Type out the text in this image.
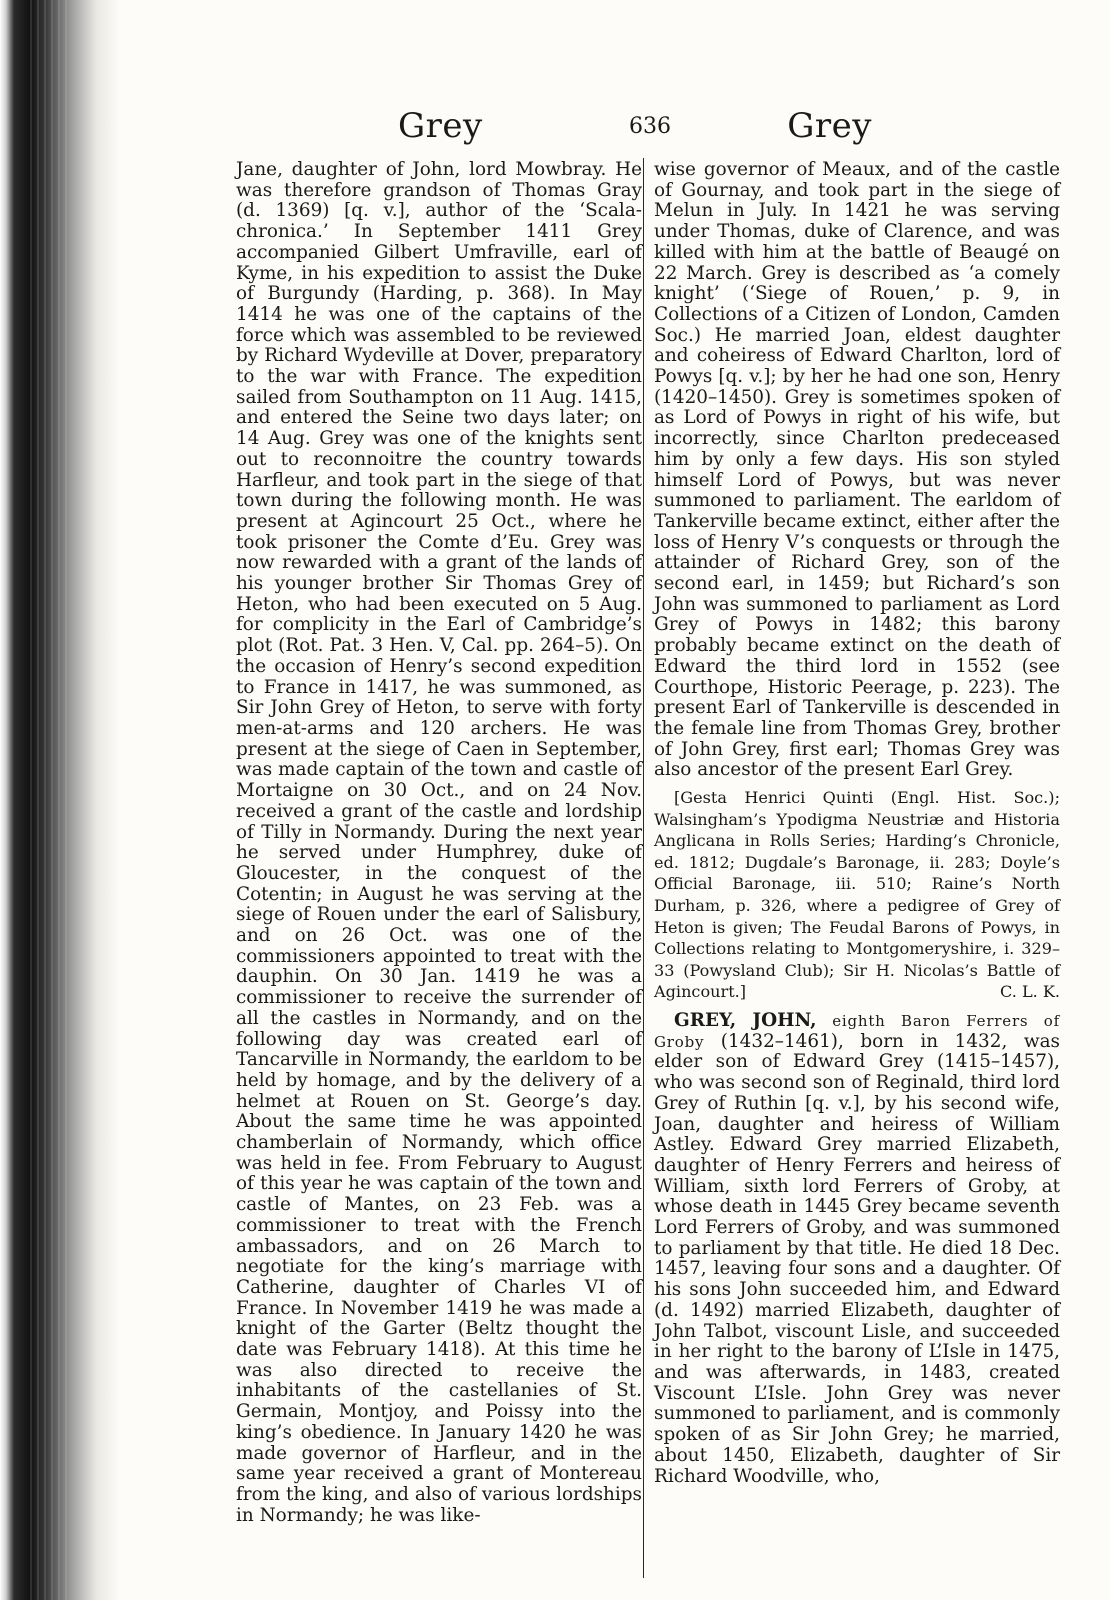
Grey	636	Grey

Jane, daughter of John, lord Mowbray. He was therefore grandson of Thomas Gray (d. 1369) [q. v.], author of the ‘Scala-chronica.’ In September 1411 Grey accompanied Gilbert Umfraville, earl of Kyme, in his expedition to assist the Duke of Burgundy (Harding, p. 368). In May 1414 he was one of the captains of the force which was assembled to be reviewed by Richard Wydeville at Dover, preparatory to the war with France. The expedition sailed from Southampton on 11 Aug. 1415, and entered the Seine two days later; on 14 Aug. Grey was one of the knights sent out to reconnoitre the country towards Harfleur, and took part in the siege of that town during the following month. He was present at Agincourt 25 Oct., where he took prisoner the Comte d’Eu. Grey was now rewarded with a grant of the lands of his younger brother Sir Thomas Grey of Heton, who had been executed on 5 Aug. for complicity in the Earl of Cambridge’s plot (Rot. Pat. 3 Hen. V, Cal. pp. 264–5). On the occasion of Henry’s second expedition to France in 1417, he was summoned, as Sir John Grey of Heton, to serve with forty men-at-arms and 120 archers. He was present at the siege of Caen in September, was made captain of the town and castle of Mortaigne on 30 Oct., and on 24 Nov. received a grant of the castle and lordship of Tilly in Normandy. During the next year he served under Humphrey, duke of Gloucester, in the conquest of the Cotentin; in August he was serving at the siege of Rouen under the earl of Salisbury, and on 26 Oct. was one of the commissioners appointed to treat with the dauphin. On 30 Jan. 1419 he was a commissioner to receive the surrender of all the castles in Normandy, and on the following day was created earl of Tancarville in Normandy, the earldom to be held by homage, and by the delivery of a helmet at Rouen on St. George’s day. About the same time he was appointed chamberlain of Normandy, which office was held in fee. From February to August of this year he was captain of the town and castle of Mantes, on 23 Feb. was a commissioner to treat with the French ambassadors, and on 26 March to negotiate for the king’s marriage with Catherine, daughter of Charles VI of France. In November 1419 he was made a knight of the Garter (Beltz thought the date was February 1418). At this time he was also directed to receive the inhabitants of the castellanies of St. Germain, Montjoy, and Poissy into the king’s obedience. In January 1420 he was made governor of Harfleur, and in the same year received a grant of Montereau from the king, and also of various lordships in Normandy; he was like-

wise governor of Meaux, and of the castle of Gournay, and took part in the siege of Melun in July. In 1421 he was serving under Thomas, duke of Clarence, and was killed with him at the battle of Beaugé on 22 March. Grey is described as ‘a comely knight’ (‘Siege of Rouen,’ p. 9, in Collections of a Citizen of London, Camden Soc.) He married Joan, eldest daughter and coheiress of Edward Charlton, lord of Powys [q. v.]; by her he had one son, Henry (1420–1450). Grey is sometimes spoken of as Lord of Powys in right of his wife, but incorrectly, since Charlton predeceased him by only a few days. His son styled himself Lord of Powys, but was never summoned to parliament. The earldom of Tankerville became extinct, either after the loss of Henry V’s conquests or through the attainder of Richard Grey, son of the second earl, in 1459; but Richard’s son John was summoned to parliament as Lord Grey of Powys in 1482; this barony probably became extinct on the death of Edward the third lord in 1552 (see Courthope, Historic Peerage, p. 223). The present Earl of Tankerville is descended in the female line from Thomas Grey, brother of John Grey, first earl; Thomas Grey was also ancestor of the present Earl Grey.

[Gesta Henrici Quinti (Engl. Hist. Soc.); Walsingham’s Ypodigma Neustriæ and Historia Anglicana in Rolls Series; Harding’s Chronicle, ed. 1812; Dugdale’s Baronage, ii. 283; Doyle’s Official Baronage, iii. 510; Raine’s North Durham, p. 326, where a pedigree of Grey of Heton is given; The Feudal Barons of Powys, in Collections relating to Montgomeryshire, i. 329–33 (Powysland Club); Sir H. Nicolas’s Battle of Agincourt.]	C. L. K.

GREY, JOHN, eighth Baron Ferrers of Groby (1432–1461), born in 1432, was elder son of Edward Grey (1415–1457), who was second son of Reginald, third lord Grey of Ruthin [q. v.], by his second wife, Joan, daughter and heiress of William Astley. Edward Grey married Elizabeth, daughter of Henry Ferrers and heiress of William, sixth lord Ferrers of Groby, at whose death in 1445 Grey became seventh Lord Ferrers of Groby, and was summoned to parliament by that title. He died 18 Dec. 1457, leaving four sons and a daughter. Of his sons John succeeded him, and Edward (d. 1492) married Elizabeth, daughter of John Talbot, viscount Lisle, and succeeded in her right to the barony of L’Isle in 1475, and was afterwards, in 1483, created Viscount L’Isle. John Grey was never summoned to parliament, and is commonly spoken of as Sir John Grey; he married, about 1450, Elizabeth, daughter of Sir Richard Woodville, who,
